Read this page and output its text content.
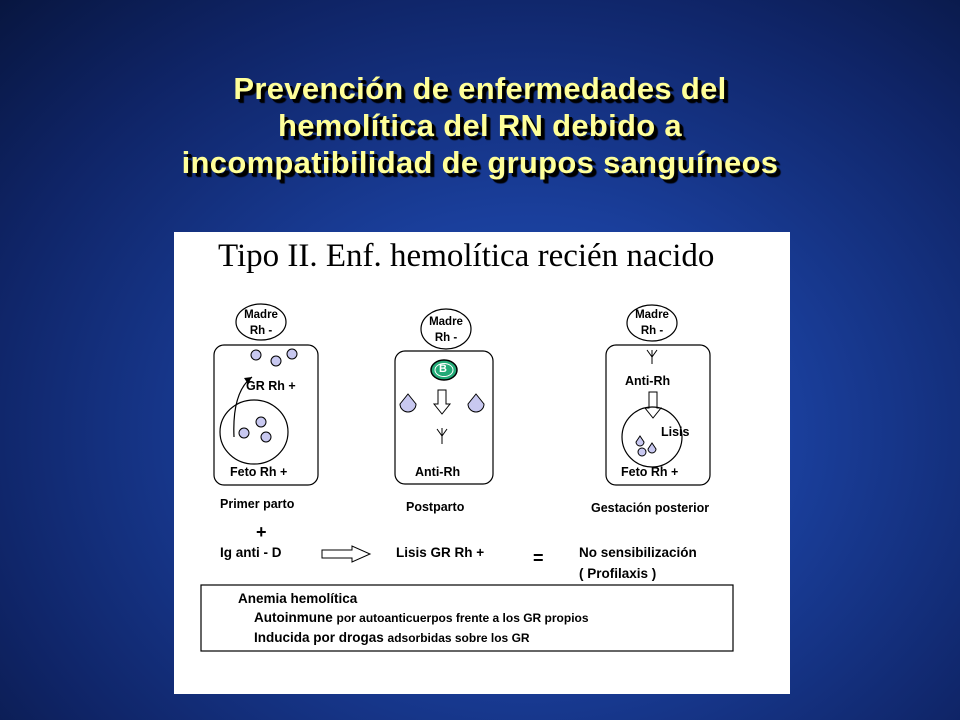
Prevención de enfermedades del
hemolítica del RN debido a
incompatibilidad de grupos sanguíneos
Tipo II. Enf. hemolítica recién nacido
Madre
Rh -
GR Rh +
Feto Rh +
Primer parto
Madre
Rh -
B
Anti-Rh
Postparto
Madre
Rh -
Anti-Rh
Lisis
Feto Rh +
Gestación posterior
+
Ig anti - D	Lisis GR Rh +	=	No sensibilización
( Profilaxis )
Anemia hemolítica
Autoinmune por autoanticuerpos frente a los GR propios
Inducida por drogas adsorbidas sobre los GR
